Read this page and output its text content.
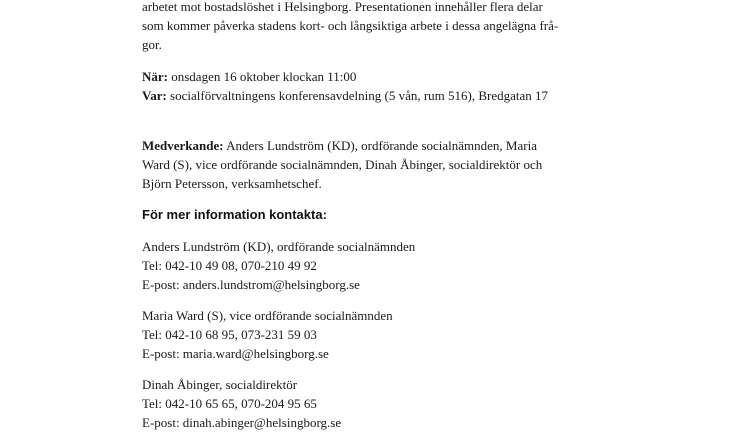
arbetet mot bostadslöshet i Helsingborg. Presentationen innehåller flera delar
som kommer påverka stadens kort- och långsiktiga arbete i dessa angelägna frå-
gor.

När: onsdagen 16 oktober klockan 11:00
Var: socialförvaltningens konferensavdelning (5 vån, rum 516), Bredgatan 17

Medverkande: Anders Lundström (KD), ordförande socialnämnden, Maria
Ward (S), vice ordförande socialnämnden, Dinah Åbinger, socialdirektör och
Björn Petersson, verksamhetschef.

För mer information kontakta:

Anders Lundström (KD), ordförande socialnämnden
Tel: 042-10 49 08, 070-210 49 92
E-post: anders.lundstrom@helsingborg.se

Maria Ward (S), vice ordförande socialnämnden
Tel: 042-10 68 95, 073-231 59 03
E-post: maria.ward@helsingborg.se

Dinah Åbinger, socialdirektör
Tel: 042-10 65 65, 070-204 95 65
E-post: dinah.abinger@helsingborg.se
